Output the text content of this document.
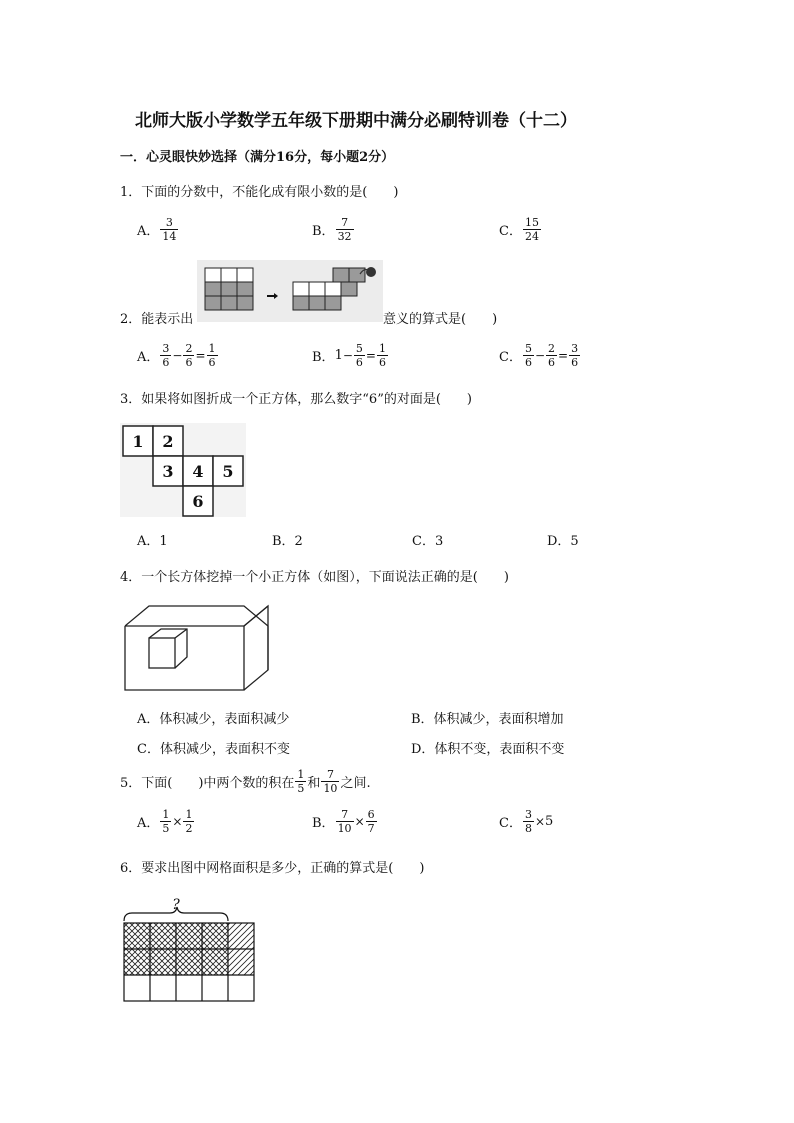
北师大版小学数学五年级下册期中满分必刷特训卷（十二）
一．心灵眼快妙选择（满分16分，每小题2分）
1．下面的分数中，不能化成有限小数的是(　　)
A． $\frac{3}{14}$	B． $\frac{7}{32}$	C． $\frac{15}{24}$
2．能表示出	意义的算式是(　　)
A． $\frac{3}{6} - \frac{2}{6} = \frac{1}{6}$	B．$1- \frac{5}{6} = \frac{1}{6}$	C． $\frac{5}{6} - \frac{2}{6} = \frac{3}{6}$
3．如果将如图折成一个正方体，那么数字“6”的对面是(　　)
1 2
3 4 5
6
A．1	B．2	C．3	D．5
4．一个长方体挖掉一个小正方体（如图），下面说法正确的是(　　)
A．体积减少，表面积减少	B．体积减少，表面积增加
C．体积减少，表面积不变	D．体积不变，表面积不变
5．下面(　　)中两个数的积在 $\frac{1}{5}$ 和 $\frac{7}{10}$ 之间.
A． $\frac{1}{5} \times \frac{1}{2}$	B． $\frac{7}{10} \times \frac{6}{7}$	C． $\frac{3}{8} \times 5$
6．要求出图中网格面积是多少，正确的算式是(　　)
?
